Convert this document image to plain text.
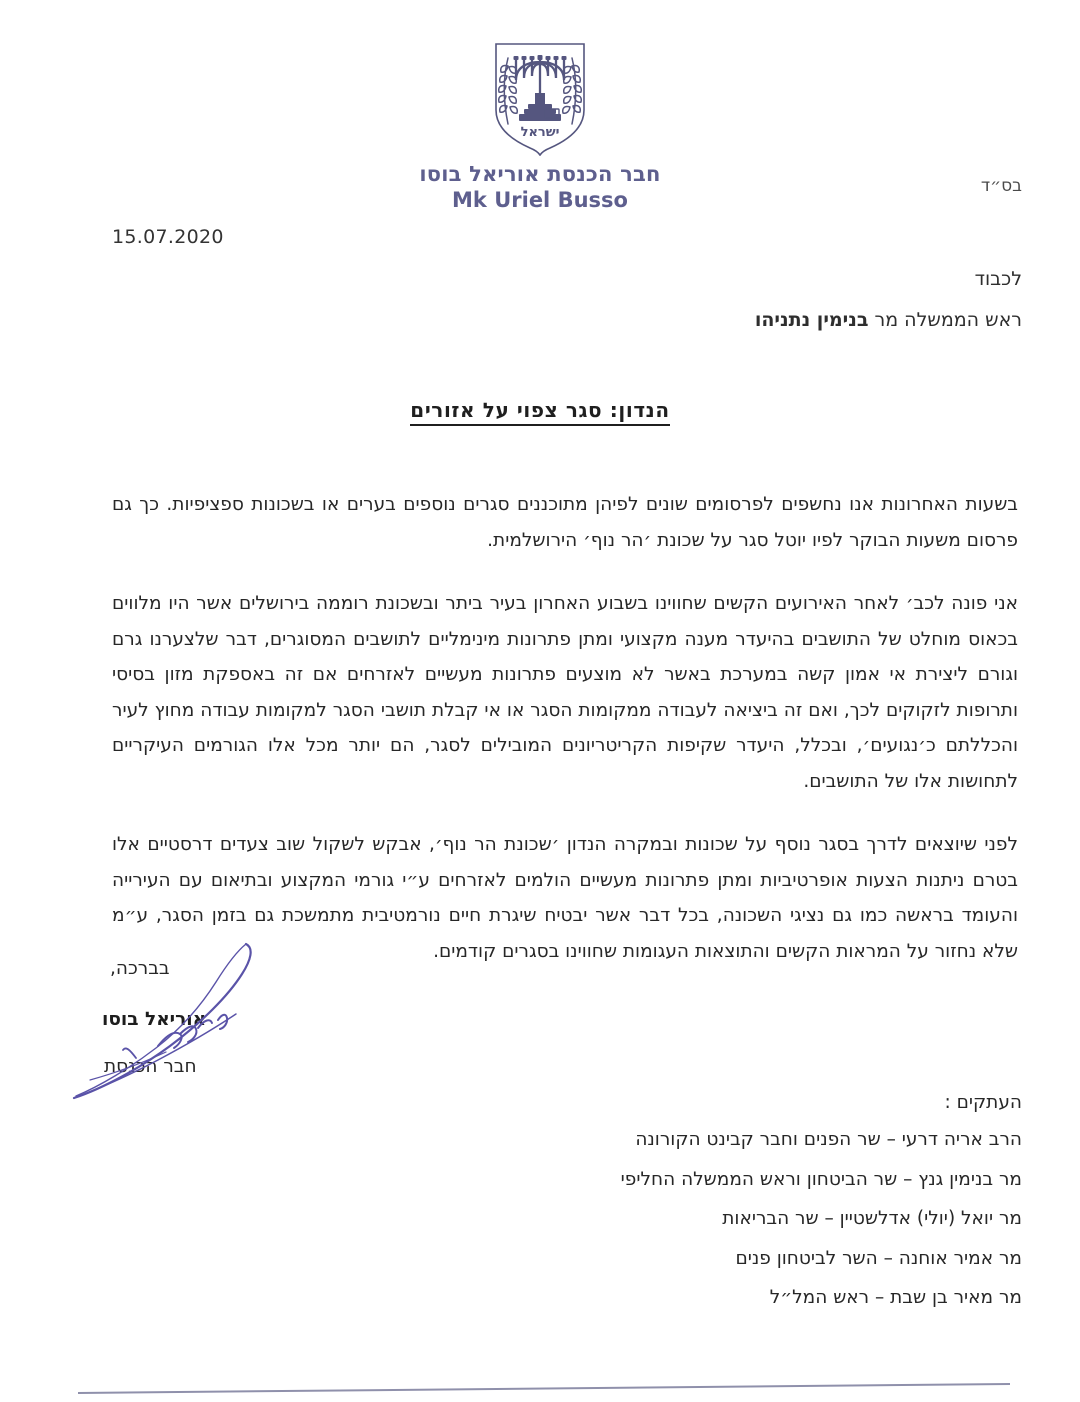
ישראל
חבר הכנסת אוריאל בוסו
Mk Uriel Busso
בס״ד
15.07.2020
לכבוד
ראש הממשלה מר בנימין נתניהו
הנדון: סגר צפוי על אזורים

בשעות האחרונות אנו נחשפים לפרסומים שונים לפיהן מתוכננים סגרים נוספים בערים או בשכונות ספציפיות. כך גם פרסום משעות הבוקר לפיו יוטל סגר על שכונת ׳הר נוף׳ הירושלמית.

אני פונה לכב׳ לאחר האירועים הקשים שחווינו בשבוע האחרון בעיר ביתר ובשכונת רוממה בירושלים אשר היו מלווים בכאוס מוחלט של התושבים בהיעדר מענה מקצועי ומתן פתרונות מינימליים לתושבים המסוגרים, דבר שלצערנו גרם וגורם ליצירת אי אמון קשה במערכת באשר לא מוצעים פתרונות מעשיים לאזרחים אם זה באספקת מזון בסיסי ותרופות לזקוקים לכך, ואם זה ביציאה לעבודה ממקומות הסגר או אי קבלת תושבי הסגר למקומות עבודה מחוץ לעיר והכללתם כ׳נגועים׳, ובכלל, היעדר שקיפות הקריטריונים המובילים לסגר, הם יותר מכל אלו הגורמים העיקריים לתחושות אלו של התושבים.

לפני שיוצאים לדרך בסגר נוסף על שכונות ובמקרה הנדון ׳שכונת הר נוף׳, אבקש לשקול שוב צעדים דרסטיים אלו בטרם ניתנות הצעות אופרטיביות ומתן פתרונות מעשיים הולמים לאזרחים ע״י גורמי המקצוע ובתיאום עם העירייה והעומד בראשה כמו גם נציגי השכונה, בכל דבר אשר יבטיח שיגרת חיים נורמטיבית מתמשכת גם בזמן הסגר, ע״מ שלא נחזור על המראות הקשים והתוצאות העגומות שחווינו בסגרים קודמים.

בברכה,
אוריאל בוסו
חבר הכנסת
העתקים :
הרב אריה דרעי – שר הפנים וחבר קבינט הקורונה
מר בנימין גנץ – שר הביטחון וראש הממשלה החליפי
מר יואל (יולי) אדלשטיין – שר הבריאות
מר אמיר אוחנה – השר לביטחון פנים
מר מאיר בן שבת – ראש המל״ל
